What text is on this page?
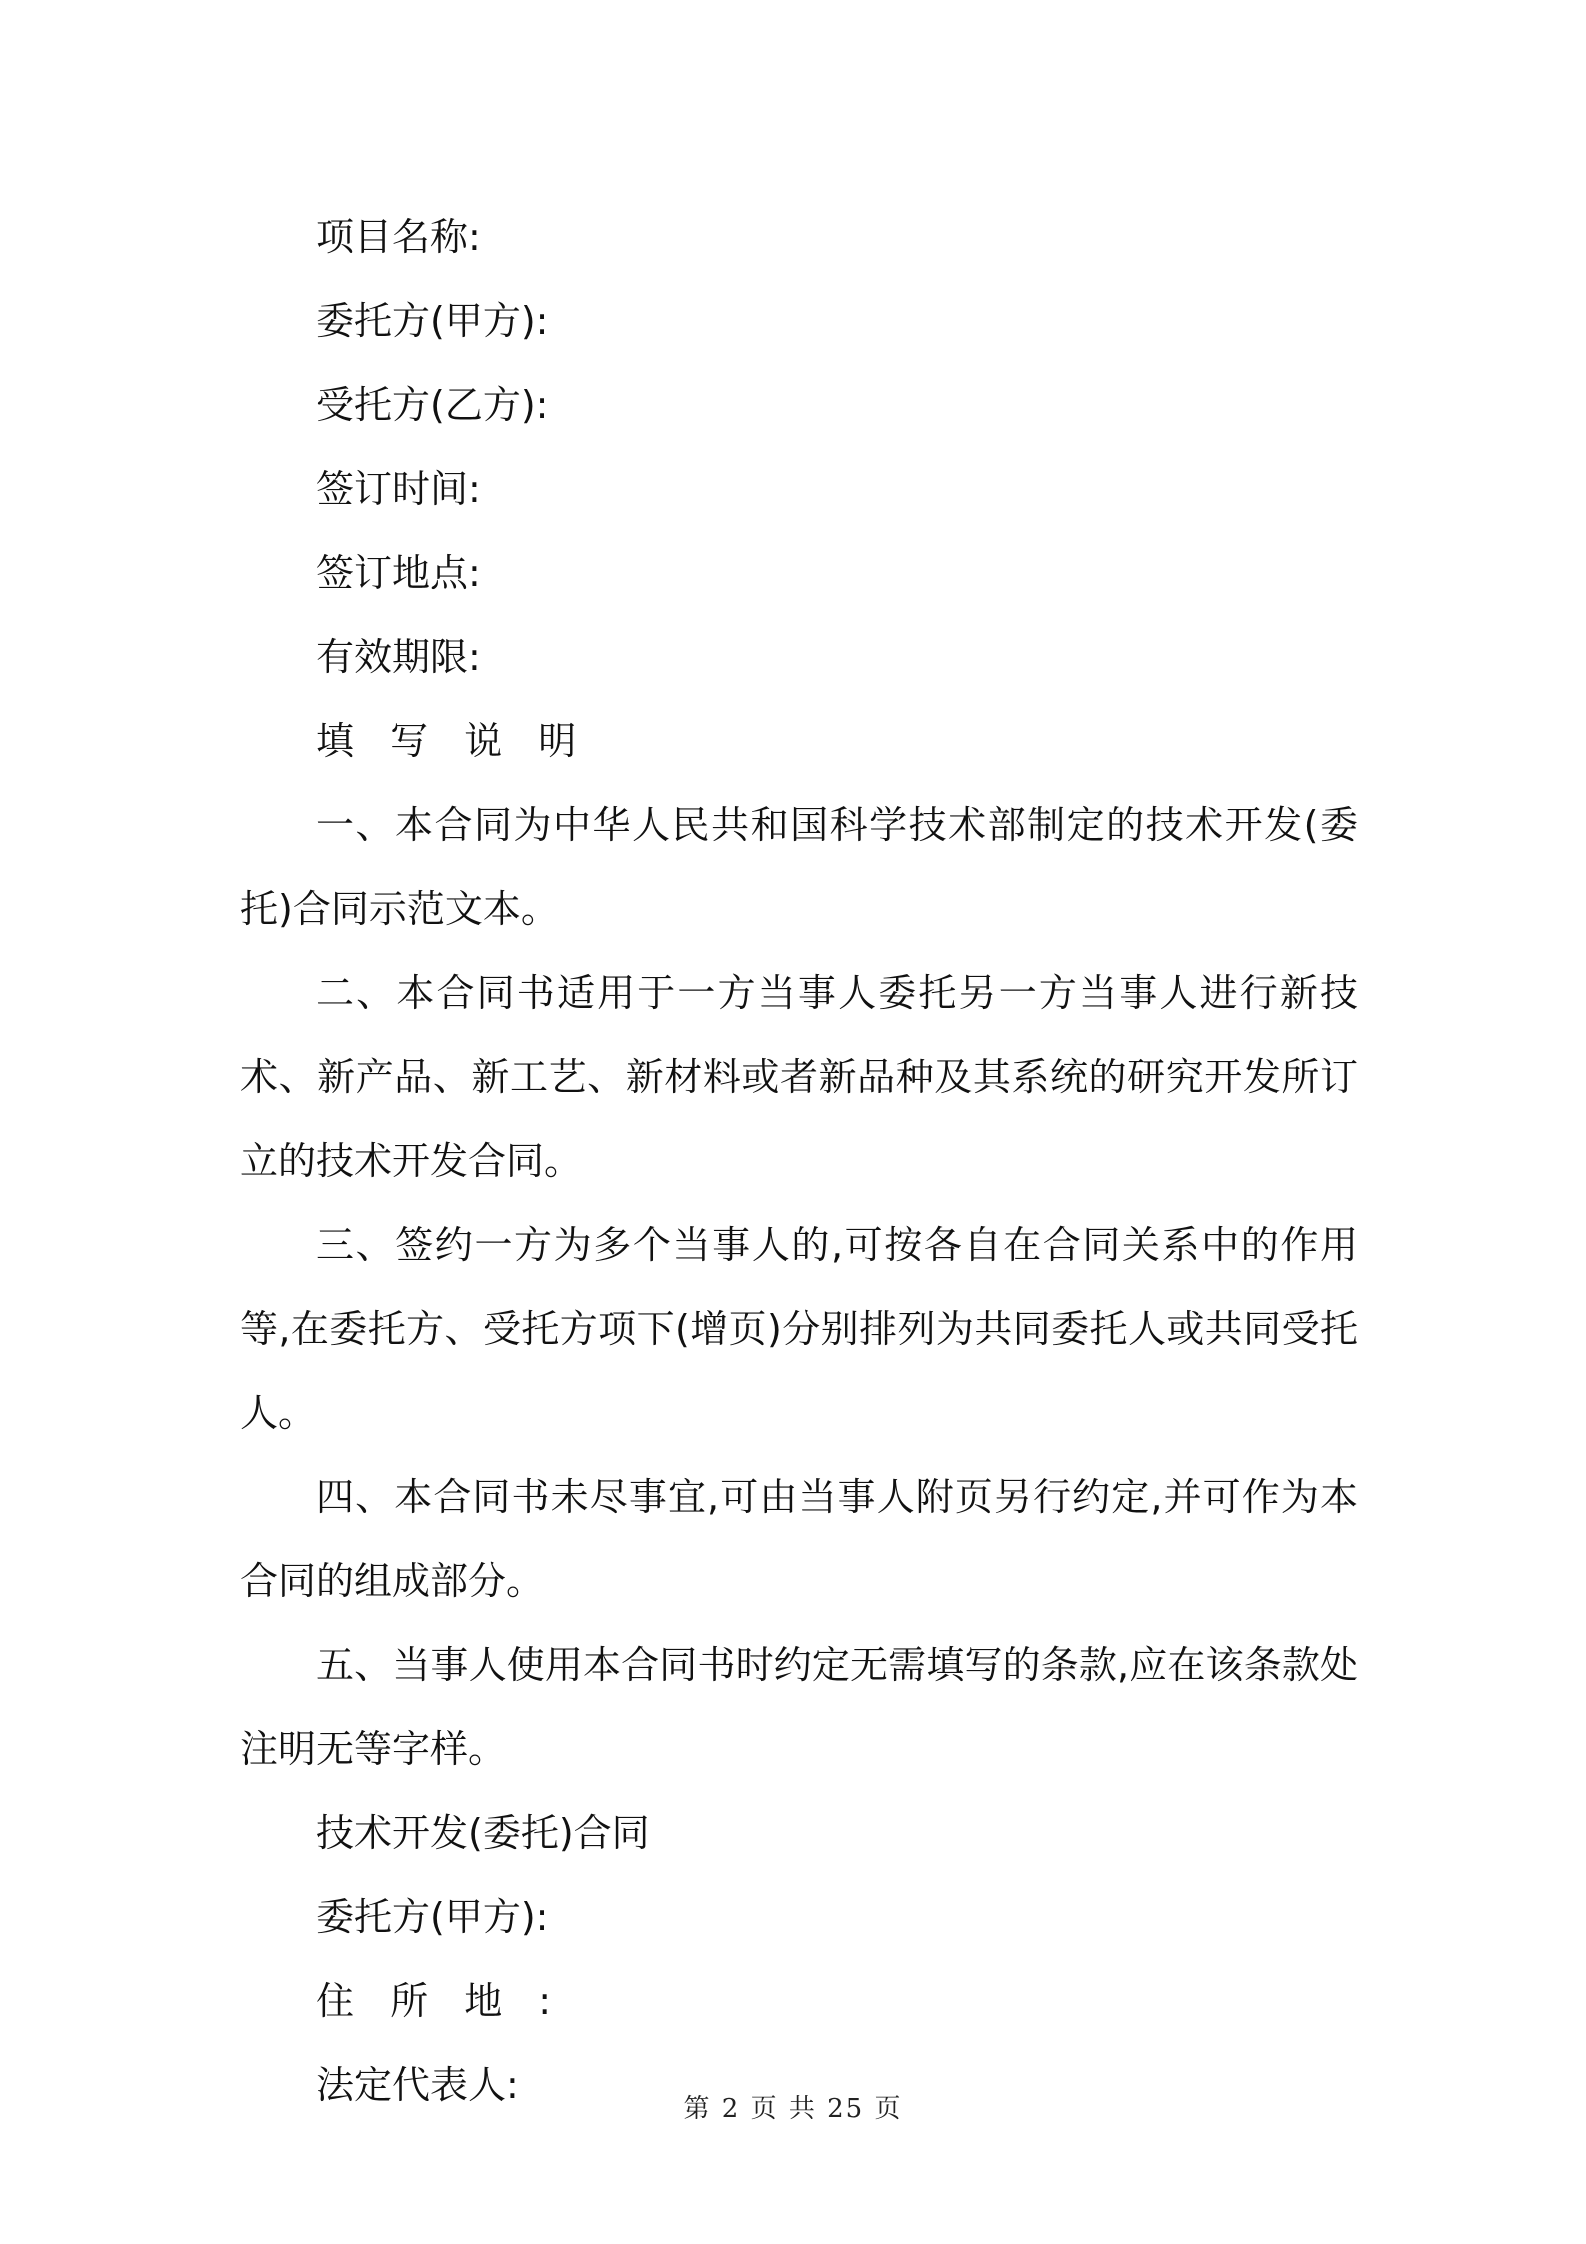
项目名称:
委托方(甲方):
受托方(乙方):
签订时间:
签订地点:
有效期限:
填写说明
一、本合同为中华人民共和国科学技术部制定的技术开发(委托)合同示范文本。
二、本合同书适用于一方当事人委托另一方当事人进行新技术、新产品、新工艺、新材料或者新品种及其系统的研究开发所订立的技术开发合同。
三、签约一方为多个当事人的,可按各自在合同关系中的作用等,在委托方、受托方项下(增页)分别排列为共同委托人或共同受托人。
四、本合同书未尽事宜,可由当事人附页另行约定,并可作为本合同的组成部分。
五、当事人使用本合同书时约定无需填写的条款,应在该条款处注明无等字样。
技术开发(委托)合同
委托方(甲方):
住所地:
法定代表人:
第 2 页 共 25 页
